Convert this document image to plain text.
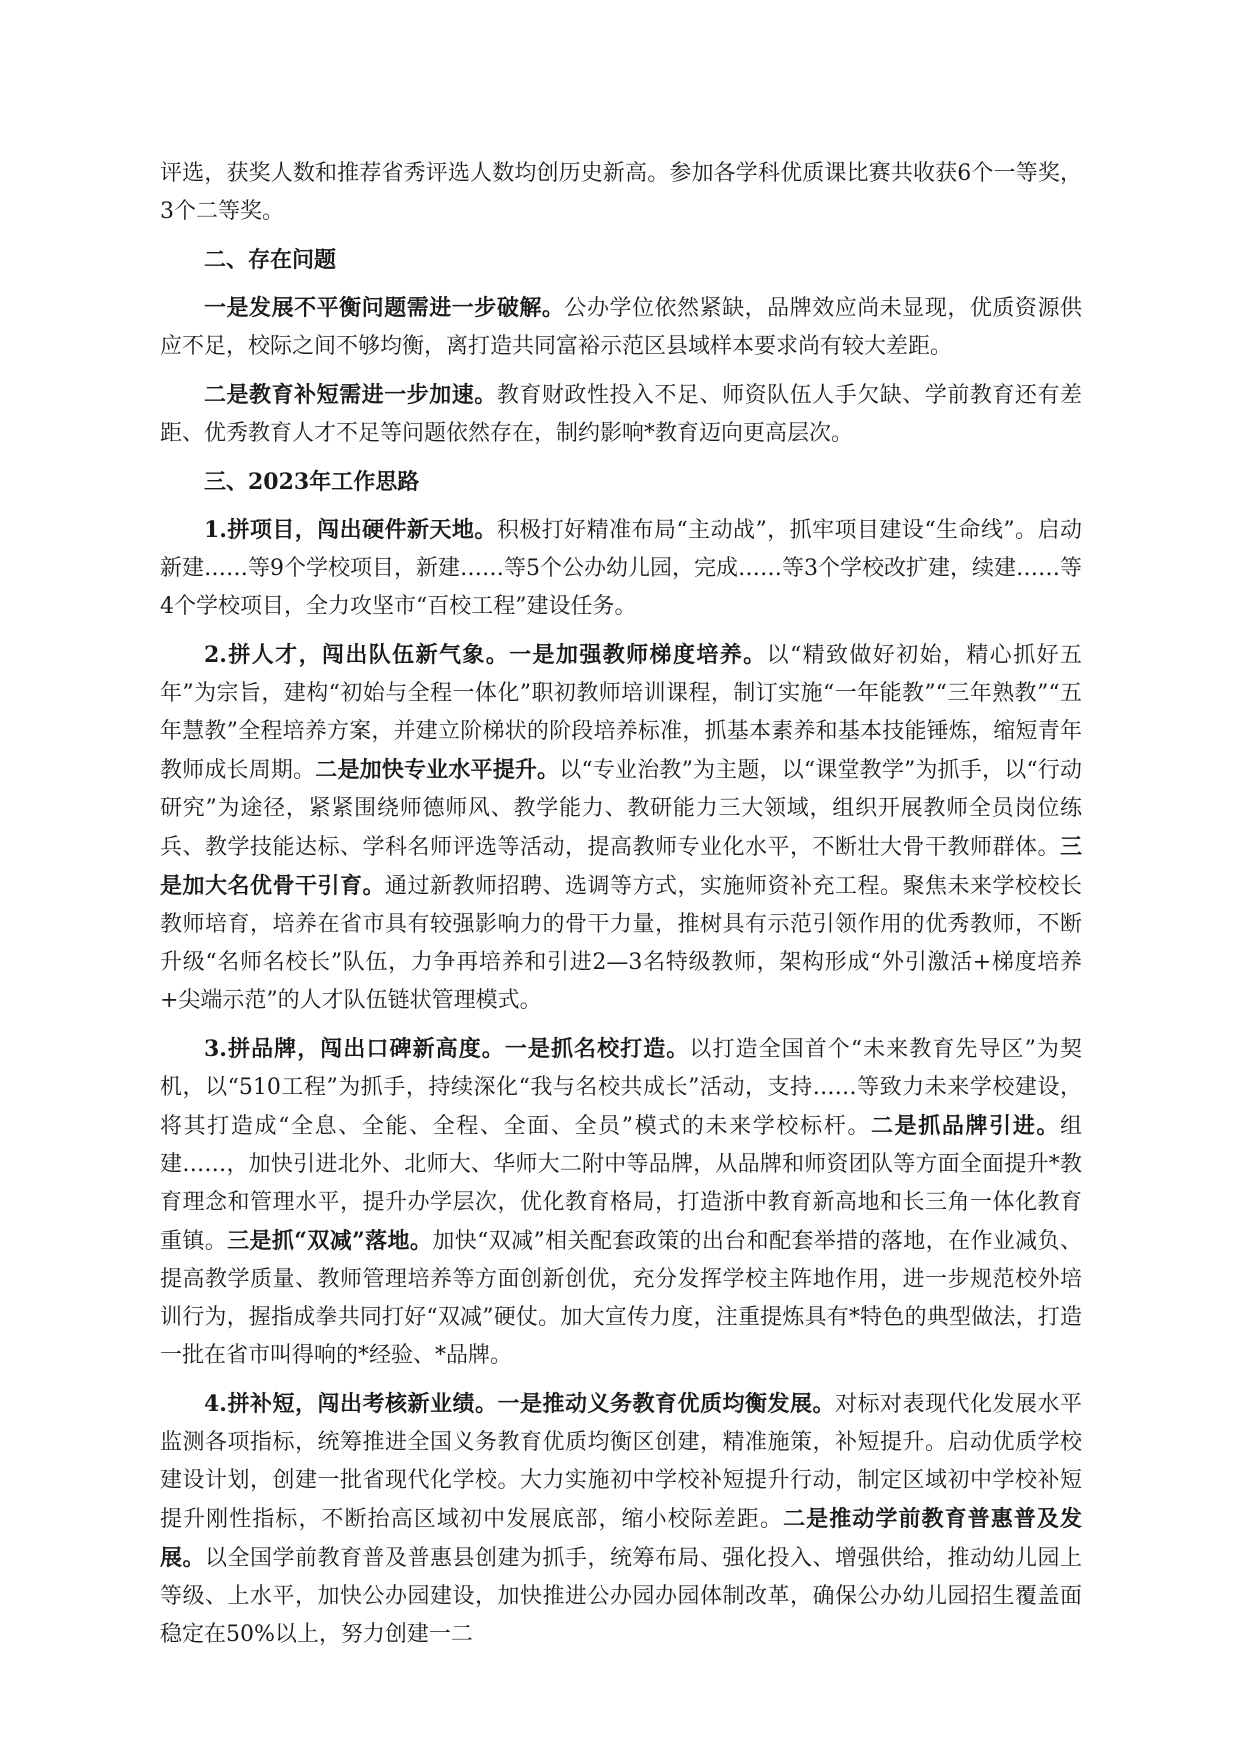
评选，获奖人数和推荐省秀评选人数均创历史新高。参加各学科优质课比赛共收获6个一等奖，3个二等奖。

二、存在问题

一是发展不平衡问题需进一步破解。公办学位依然紧缺，品牌效应尚未显现，优质资源供应不足，校际之间不够均衡，离打造共同富裕示范区县域样本要求尚有较大差距。

二是教育补短需进一步加速。教育财政性投入不足、师资队伍人手欠缺、学前教育还有差距、优秀教育人才不足等问题依然存在，制约影响*教育迈向更高层次。

三、2023年工作思路

1.拼项目，闯出硬件新天地。积极打好精准布局“主动战”，抓牢项目建设“生命线”。启动新建……等9个学校项目，新建……等5个公办幼儿园，完成……等3个学校改扩建，续建……等4个学校项目，全力攻坚市“百校工程”建设任务。

2.拼人才，闯出队伍新气象。一是加强教师梯度培养。以“精致做好初始，精心抓好五年”为宗旨，建构“初始与全程一体化”职初教师培训课程，制订实施“一年能教”“三年熟教”“五年慧教”全程培养方案，并建立阶梯状的阶段培养标准，抓基本素养和基本技能锤炼，缩短青年教师成长周期。二是加快专业水平提升。以“专业治教”为主题，以“课堂教学”为抓手，以“行动研究”为途径，紧紧围绕师德师风、教学能力、教研能力三大领域，组织开展教师全员岗位练兵、教学技能达标、学科名师评选等活动，提高教师专业化水平，不断壮大骨干教师群体。三是加大名优骨干引育。通过新教师招聘、选调等方式，实施师资补充工程。聚焦未来学校校长教师培育，培养在省市具有较强影响力的骨干力量，推树具有示范引领作用的优秀教师，不断升级“名师名校长”队伍，力争再培养和引进2—3名特级教师，架构形成“外引激活+梯度培养+尖端示范”的人才队伍链状管理模式。

3.拼品牌，闯出口碑新高度。一是抓名校打造。以打造全国首个“未来教育先导区”为契机，以“510工程”为抓手，持续深化“我与名校共成长”活动，支持……等致力未来学校建设，将其打造成“全息、全能、全程、全面、全员”模式的未来学校标杆。二是抓品牌引进。组建……，加快引进北外、北师大、华师大二附中等品牌，从品牌和师资团队等方面全面提升*教育理念和管理水平，提升办学层次，优化教育格局，打造浙中教育新高地和长三角一体化教育重镇。三是抓“双减”落地。加快“双减”相关配套政策的出台和配套举措的落地，在作业减负、提高教学质量、教师管理培养等方面创新创优，充分发挥学校主阵地作用，进一步规范校外培训行为，握指成拳共同打好“双减”硬仗。加大宣传力度，注重提炼具有*特色的典型做法，打造一批在省市叫得响的*经验、*品牌。

4.拼补短，闯出考核新业绩。一是推动义务教育优质均衡发展。对标对表现代化发展水平监测各项指标，统筹推进全国义务教育优质均衡区创建，精准施策，补短提升。启动优质学校建设计划，创建一批省现代化学校。大力实施初中学校补短提升行动，制定区域初中学校补短提升刚性指标，不断抬高区域初中发展底部，缩小校际差距。二是推动学前教育普惠普及发展。以全国学前教育普及普惠县创建为抓手，统筹布局、强化投入、增强供给，推动幼儿园上等级、上水平，加快公办园建设，加快推进公办园办园体制改革，确保公办幼儿园招生覆盖面稳定在50%以上，努力创建一二
